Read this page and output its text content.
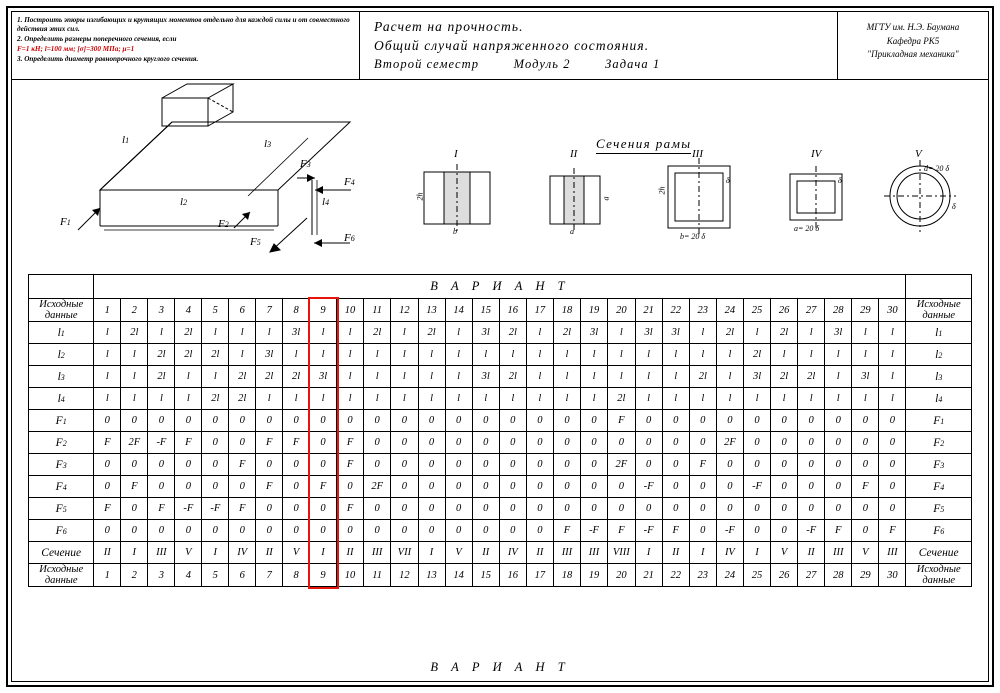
1. Построить эпюры изгибающих и крутящих моментов отдельно для каждой силы и от совместного действия этих сил.

2. Определить размеры поперечного сечения, если

F=1 кН; l=100 мм; [σ]=300 МПа; μ=1

3. Определить диаметр равнопрочного круглого сечения.

Расчет на прочность.
Общий случай напряженного состояния.
Второй семестр	Модуль 2	Задача 1
МГТУ им. Н.Э. Баумана
Кафедра РК5
"Прикладная механика"
F1	F2
F3
F4
F5	F6
l1
l2
l3
l4
Сечения рамы
I	II	III	IV	V
2h
b
a
a
2h
b= 20 δ
δ	δ
a= 20 δ
d= 20 δ
δ
	В А Р И А Н Т																														

Исходные
данные	1	2	3	4	5	6	7	8	9	10	11	12	13	14	15	16	17	18	19	20	21	22	23	24	25	26	27	28	29	30	
Исходные
данные

l1	l	2l	l	2l	l	l	l	3l	l	l	2l	l	2l	l	3l	2l	l	2l	3l	l	3l	3l	l	2l	l	2l	l	3l	l	l	l1
l2	l	l	2l	2l	2l	l	3l	l	l	l	l	l	l	l	l	l	l	l	l	l	l	l	l	l	2l	l	l	l	l	l	l2
l3	l	l	2l	l	l	2l	2l	2l	3l	l	l	l	l	l	3l	2l	l	l	l	l	l	l	2l	l	3l	2l	2l	l	3l	l	l3
l4	l	l	l	l	2l	2l	l	l	l	l	l	l	l	l	l	l	l	l	l	2l	l	l	l	l	l	l	l	l	l	l	l4
F1	0	0	0	0	0	0	0	0	0	0	0	0	0	0	0	0	0	0	0	F	0	0	0	0	0	0	0	0	0	0	F1
F2	F	2F	-F	F	0	0	F	F	0	F	0	0	0	0	0	0	0	0	0	0	0	0	0	2F	0	0	0	0	0	0	F2
F3	0	0	0	0	0	F	0	0	0	F	0	0	0	0	0	0	0	0	0	2F	0	0	F	0	0	0	0	0	0	0	F3
F4	0	F	0	0	0	0	F	0	F	0	2F	0	0	0	0	0	0	0	0	0	-F	0	0	0	-F	0	0	0	F	0	F4
F5	F	0	F	-F	-F	F	0	0	0	F	0	0	0	0	0	0	0	0	0	0	0	0	0	0	0	0	0	0	0	0	F5
F6	0	0	0	0	0	0	0	0	0	0	0	0	0	0	0	0	0	F	-F	F	-F	F	0	-F	0	0	-F	F	0	F	F6
Сечение	II	I	III	V	I	IV	II	V	I	II	III	VII	I	V	II	IV	II	III	III	VIII	I	II	I	IV	I	V	II	III	V	III	Сечение

Исходные
данные	1	2	3	4	5	6	7	8	9	10	11	12	13	14	15	16	17	18	19	20	21	22	23	24	25	26	27	28	29	30	
Исходные
данные
В А Р И А Н Т
